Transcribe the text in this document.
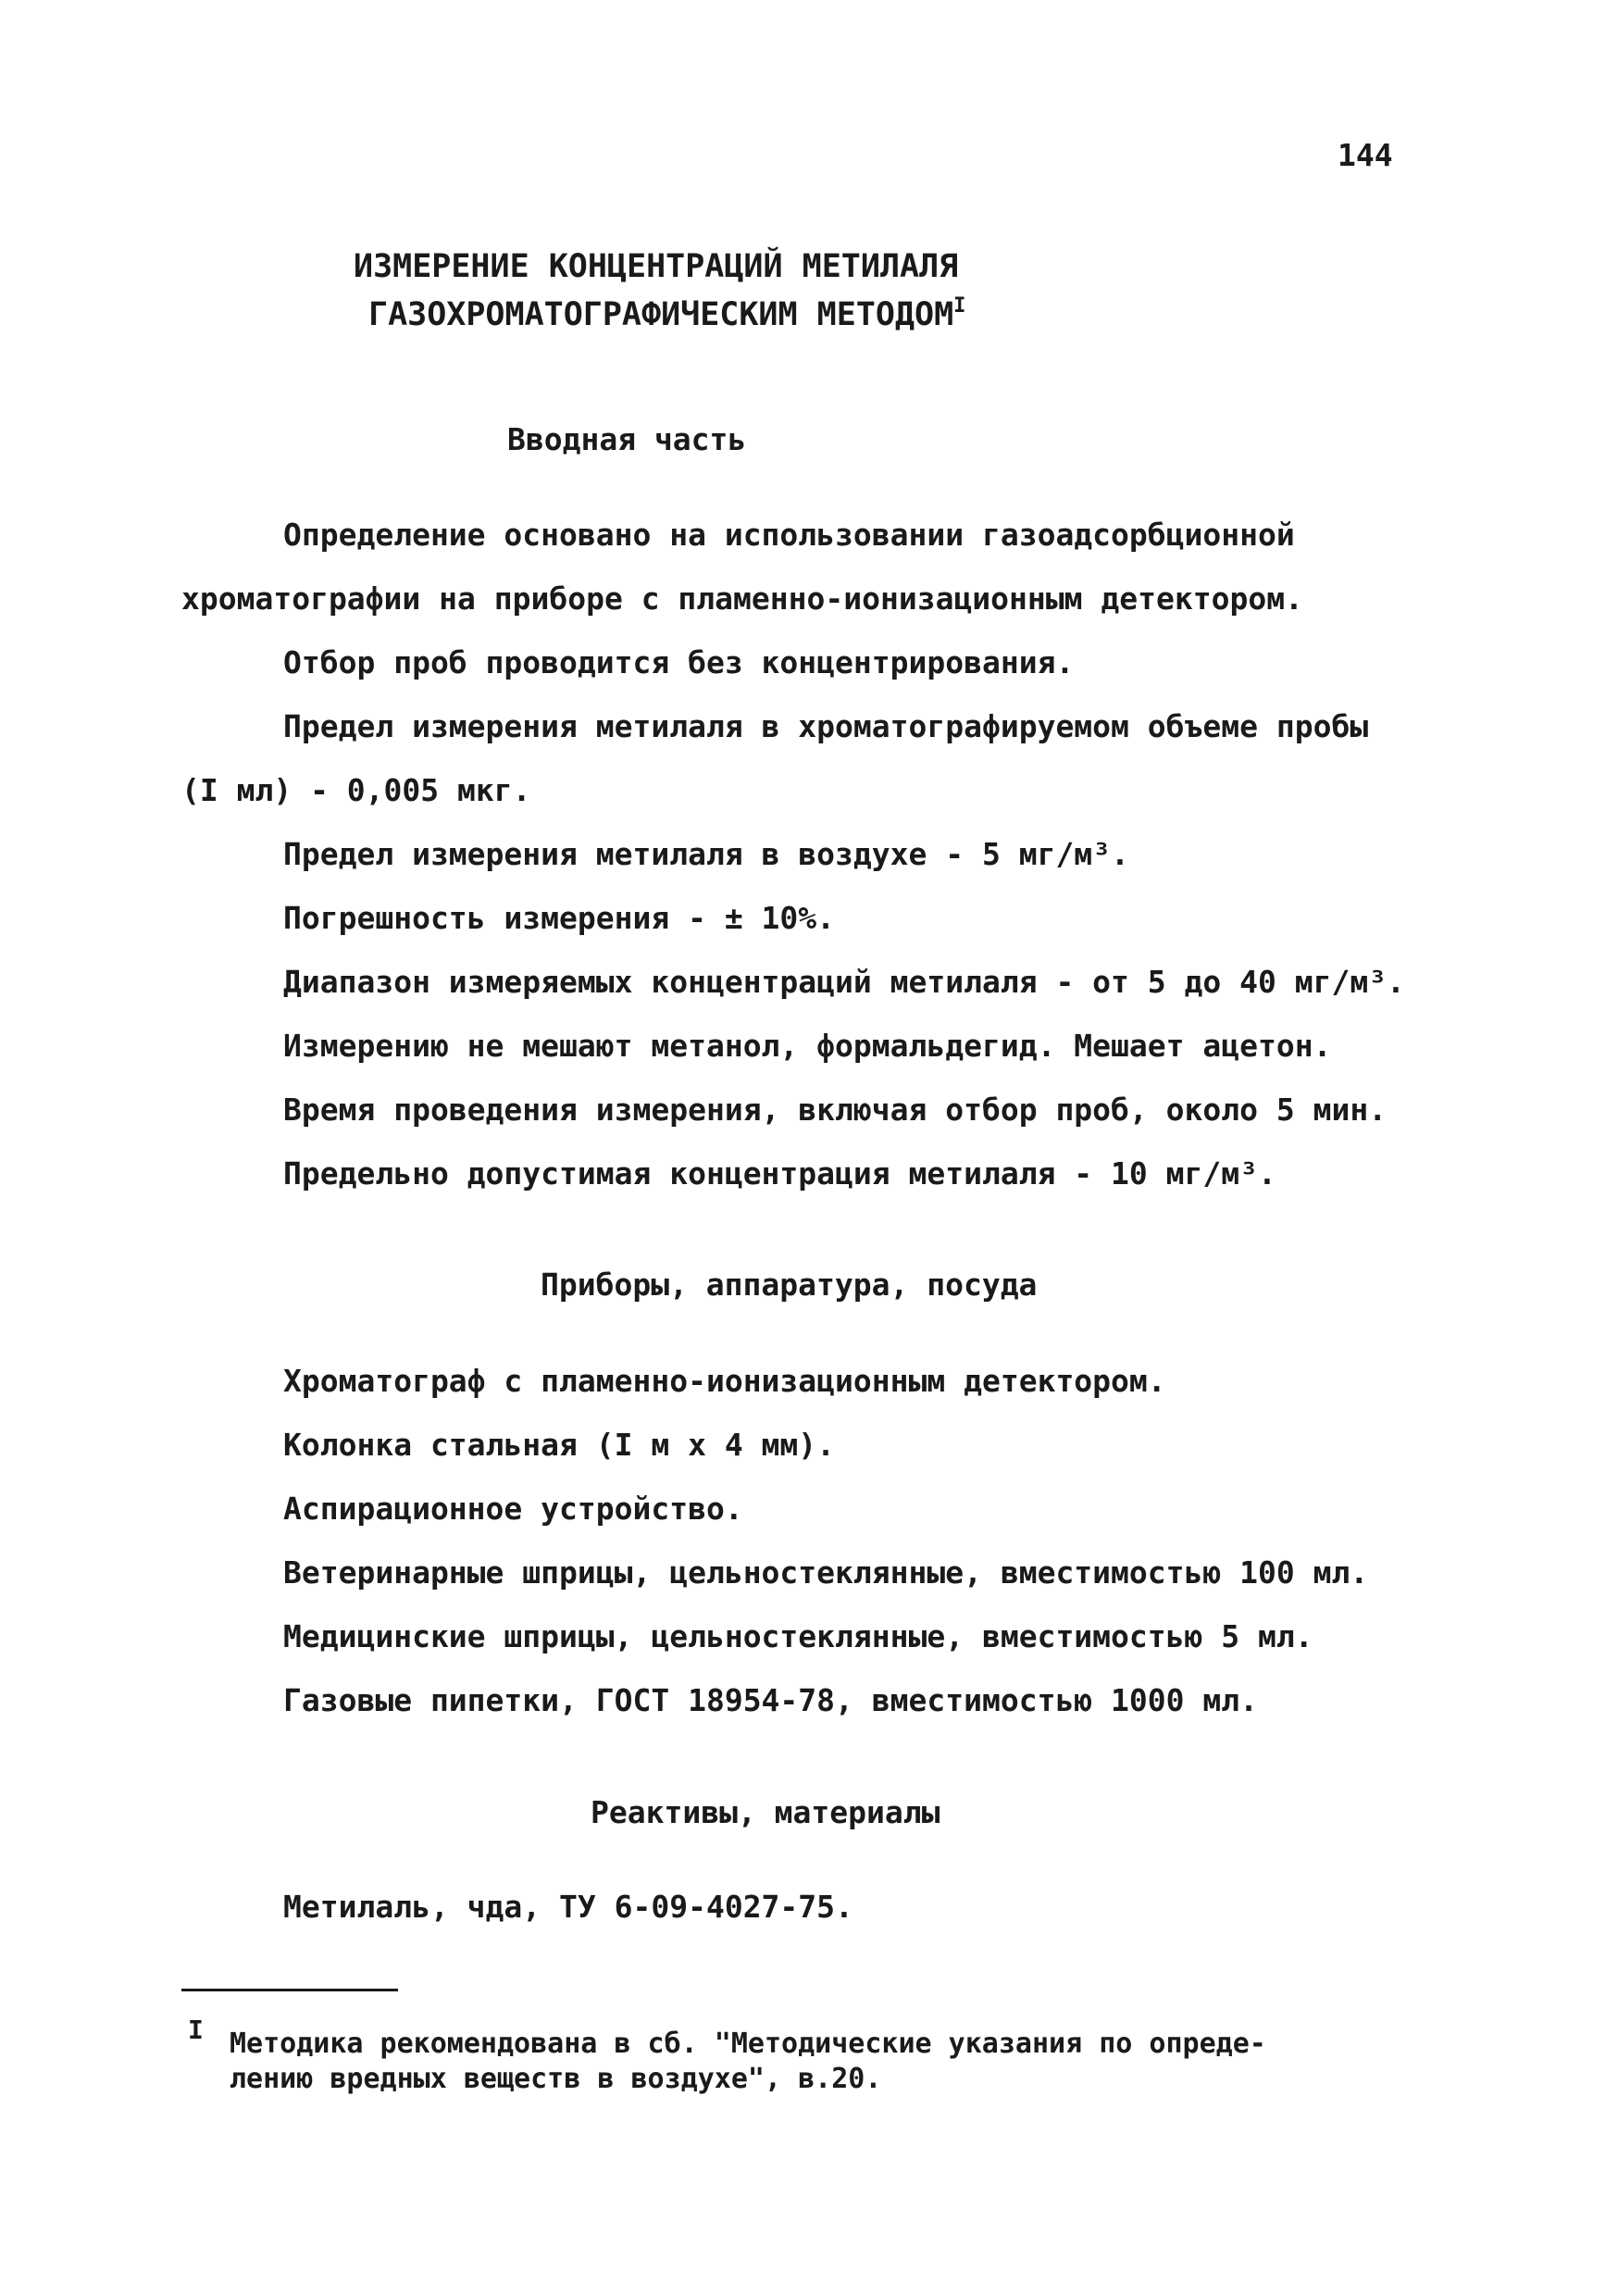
144
ИЗМЕРЕНИЕ КОНЦЕНТРАЦИЙ МЕТИЛАЛЯ
ГАЗОХРОМАТОГРАФИЧЕСКИМ $МЕТОДОМ^I$
Вводная часть
Определение основано на использовании газоадсорбционной
хроматографии на приборе с пламенно-ионизационным детектором.
Отбор проб проводится без концентрирования.
Предел измерения метилаля в хроматографируемом объеме пробы
(I мл) - 0,005 мкг.
Предел измерения метилаля в воздухе - 5 мг/м³.
Погрешность измерения - ± 10%.
Диапазон измеряемых концентраций метилаля - от 5 до 40 мг/м³.
Измерению не мешают метанол, формальдегид. Мешает ацетон.
Время проведения измерения, включая отбор проб, около 5 мин.
Предельно допустимая концентрация метилаля - 10 мг/м³.
Приборы, аппаратура, посуда
Хроматограф с пламенно-ионизационным детектором.
Колонка стальная (I м х 4 мм).
Аспирационное устройство.
Ветеринарные шприцы, цельностеклянные, вместимостью 100 мл.
Медицинские шприцы, цельностеклянные, вместимостью 5 мл.
Газовые пипетки, ГОСТ 18954-78, вместимостью 1000 мл.
Реактивы, материалы
Метилаль, чда, ТУ 6-09-4027-75.
I Методика рекомендована в сб. "Методические указания по опреде-
лению вредных веществ в воздухе", в.20.
